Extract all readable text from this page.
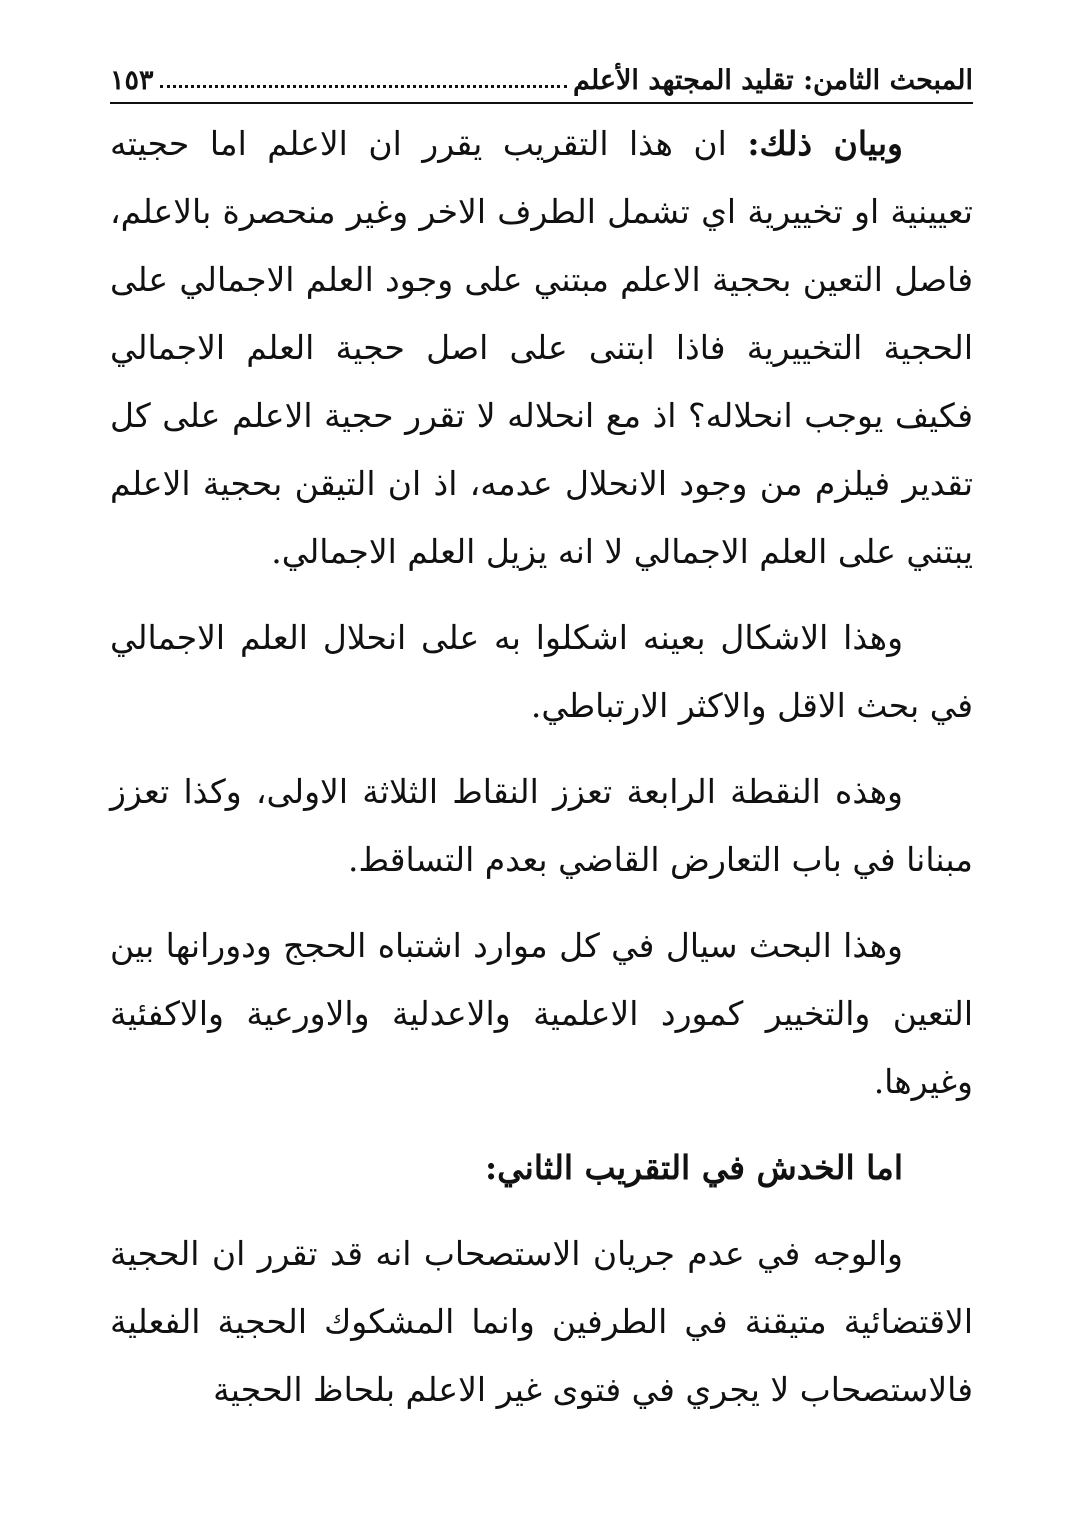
المبحث الثامن: تقليد المجتهد الأعلم
١٥٣

وبيان ذلك: ان هذا التقريب يقرر ان الاعلم اما حجيته تعيينية او تخييرية اي تشمل الطرف الاخر وغير منحصرة بالاعلم، فاصل التعين بحجية الاعلم مبتني على وجود العلم الاجمالي على الحجية التخييرية فاذا ابتنى على اصل حجية العلم الاجمالي فكيف يوجب انحلاله؟ اذ مع انحلاله لا تقرر حجية الاعلم على كل تقدير فيلزم من وجود الانحلال عدمه، اذ ان التيقن بحجية الاعلم يبتني على العلم الاجمالي لا انه يزيل العلم الاجمالي.

وهذا الاشكال بعينه اشكلوا به على انحلال العلم الاجمالي في بحث الاقل والاكثر الارتباطي.

وهذه النقطة الرابعة تعزز النقاط الثلاثة الاولى، وكذا تعزز مبنانا في باب التعارض القاضي بعدم التساقط.

وهذا البحث سيال في كل موارد اشتباه الحجج ودورانها بين التعين والتخيير كمورد الاعلمية والاعدلية والاورعية والاكفئية وغيرها.

اما الخدش في التقريب الثاني:

والوجه في عدم جريان الاستصحاب انه قد تقرر ان الحجية الاقتضائية متيقنة في الطرفين وانما المشكوك الحجية الفعلية فالاستصحاب لا يجري في فتوى غير الاعلم بلحاظ الحجية
